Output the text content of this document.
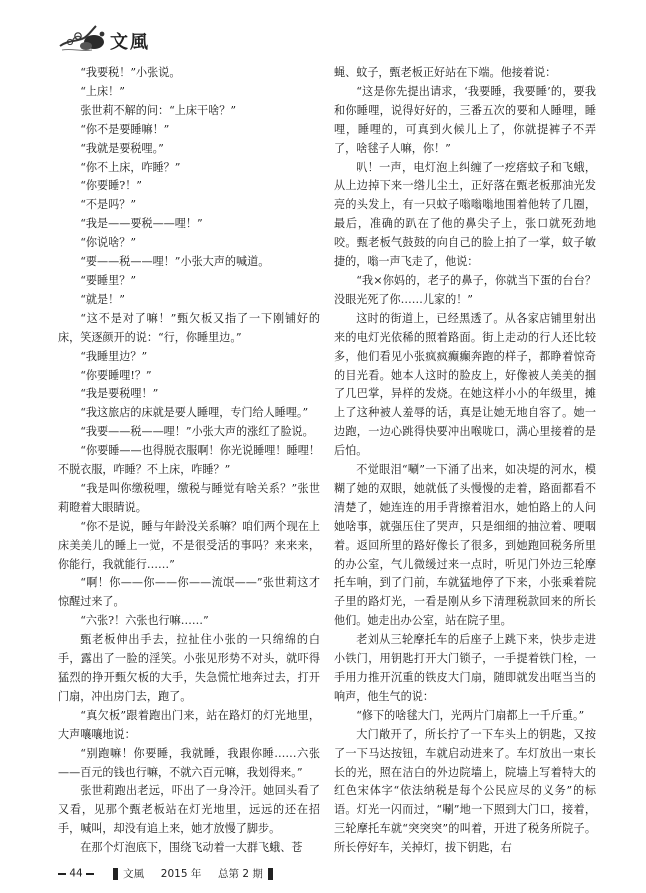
文風

“我要税！”小张说。

“上床！”

张世莉不解的问：“上床干啥？”

“你不是要睡嘛！”

“我就是要税哩。”

“你不上床，咋睡？”

“你要睡?！”

“不是吗？”

“我是——要税——哩！”

“你说啥？”

“要——税——哩！”小张大声的喊道。

“要睡里？”

“就是！”

“这不是对了嘛！”甄欠板又指了一下刚铺好的床，笑逐颜开的说：“行，你睡里边。”

“我睡里边？”

“你要睡哩!？”

“我是要税哩！”

“我这旅店的床就是要人睡哩，专门给人睡哩。”

“我要——税——哩！”小张大声的涨红了脸说。

“你要睡——也得脱衣服啊！你光说睡哩！睡哩！不脱衣服，咋睡？不上床，咋睡？”

“我是叫你缴税哩，缴税与睡觉有啥关系？”张世莉瞪着大眼睛说。

“你不是说，睡与年龄没关系嘛？咱们两个现在上床美美儿的睡上一觉，不是很受活的事吗？来来来，你能行，我就能行……”

“啊！你——你——你——流氓——”张世莉这才惊醒过来了。

“六张?！六张也行嘛……”

甄老板伸出手去，拉扯住小张的一只绵绵的白手，露出了一脸的淫笑。小张见形势不对头，就吓得猛烈的挣开甄欠板的大手，失急慌忙地奔过去，打开门扇，冲出房门去，跑了。

“真欠板”跟着跑出门来，站在路灯的灯光地里，大声嚷嚷地说：

“别跑嘛！你要睡，我就睡，我跟你睡……六张——百元的钱也行嘛，不就六百元嘛，我划得来。”

张世莉跑出老远，吓出了一身冷汗。她回头看了又看，见那个甄老板站在灯光地里，远远的还在招手，喊叫，却没有追上来，她才放慢了脚步。

在那个灯泡底下，围绕飞动着一大群飞蛾、苍

蝇、蚊子，甄老板正好站在下端。他接着说：

“这是你先提出请求，‘我要睡，我要睡’的，要我和你睡哩，说得好好的，三番五次的要和人睡哩，睡哩，睡哩的，可真到火候儿上了，你就提裤子不弄了，啥毬子人嘛，你！”

叭！一声，电灯泡上纠缠了一疙瘩蚊子和飞蛾，从上边掉下来一绺儿尘土，正好落在甄老板那油光发亮的头发上，有一只蚊子嗡嗡嗡地围着他转了几圈，最后，准确的趴在了他的鼻尖子上，张口就死劲地咬。甄老板气鼓鼓的向自己的脸上拍了一掌，蚊子敏捷的，嗡一声飞走了，他说：

“我×你妈的，老子的鼻子，你就当下蛋的台台？没眼光死了你……儿家的！”

这时的街道上，已经黑透了。从各家店铺里射出来的电灯光依稀的照着路面。街上走动的行人还比较多，他们看见小张疯疯癫癫奔跑的样子，都睁着惊奇的目光看。她本人这时的脸皮上，好像被人美美的掴了几巴掌，异样的发烧。在她这样小小的年级里，摊上了这种被人羞辱的话，真是让她无地自容了。她一边跑，一边心跳得快要冲出喉咙口，满心里接着的是后怕。

不觉眼泪“唰”一下涌了出来，如决堤的河水，模糊了她的双眼，她就低了头慢慢的走着，路面都看不清楚了，她连连的用手背擦着泪水，她怕路上的人问她啥事，就强压住了哭声，只是细细的抽泣着、哽咽着。返回所里的路好像长了很多，到她跑回税务所里的办公室，气儿微缓过来一点时，听见门外边三轮摩托车响，到了门前，车就猛地停了下来，小张乘着院子里的路灯光，一看是刚从乡下清理税款回来的所长他们。她走出办公室，站在院子里。

老刘从三轮摩托车的后座子上跳下来，快步走进小铁门，用钥匙打开大门锁子，一手提着铁门栓，一手用力推开沉重的铁皮大门扇，随即就发出哐当当的响声，他生气的说：

“修下的啥毬大门，光两片门扇都上一千斤重。”

大门敞开了，所长拧了一下车头上的钥匙，又按了一下马达按钮，车就启动进来了。车灯放出一束长长的光，照在洁白的外边院墙上，院墙上写着特大的红色宋体字“依法纳税是每个公民应尽的义务”的标语。灯光一闪而过，“唰”地一下照到大门口，接着，三轮摩托车就“突突突”的叫着，开进了税务所院子。所长停好车，关掉灯，拔下钥匙，右

44	文風 2015 年 总第 2 期
